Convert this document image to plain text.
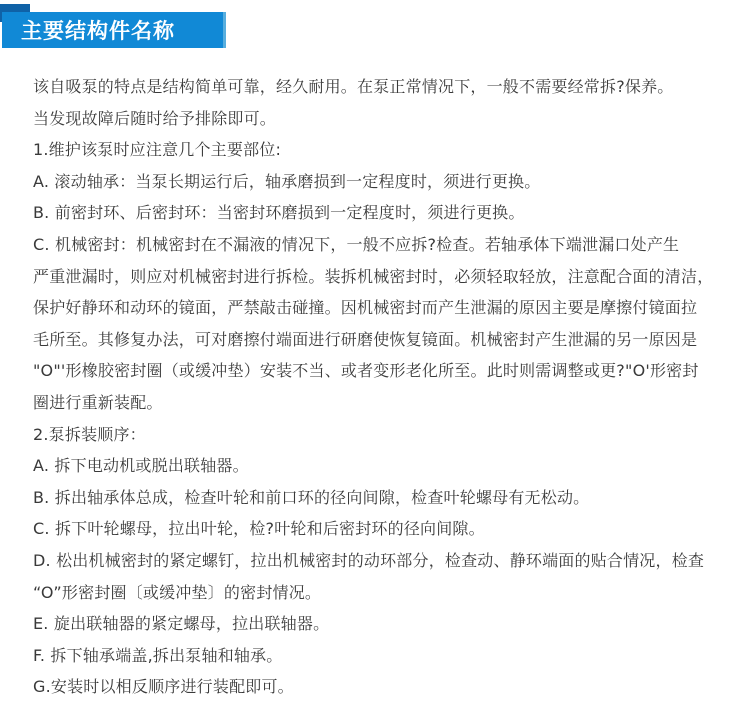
主要结构件名称
该自吸泵的特点是结构简单可靠，经久耐用。在泵正常情况下，一般不需要经常拆?保养。
当发现故障后随时给予排除即可。
1.维护该泵时应注意几个主要部位:
A. 滚动轴承：当泵长期运行后，轴承磨损到一定程度时，须进行更换。
B. 前密封环、后密封环：当密封环磨损到一定程度时，须进行更换。
C. 机械密封：机械密封在不漏液的情况下，一般不应拆?检查。若轴承体下端泄漏口处产生
严重泄漏时，则应对机械密封进行拆检。装拆机械密封时，必须轻取轻放，注意配合面的清洁，
保护好静环和动环的镜面，严禁敲击碰撞。因机械密封而产生泄漏的原因主要是摩擦付镜面拉
毛所至。其修复办法，可对磨擦付端面进行研磨使恢复镜面。机械密封产生泄漏的另一原因是
"O"'形橡胶密封圈（或缓冲垫）安装不当、或者变形老化所至。此时则需调整或更?"O'形密封
圈进行重新装配。
2.泵拆装顺序：
A. 拆下电动机或脱出联轴器。
B. 拆出轴承体总成，检查叶轮和前口环的径向间隙，检查叶轮螺母有无松动。
C. 拆下叶轮螺母，拉出叶轮，检?叶轮和后密封环的径向间隙。
D. 松出机械密封的紧定螺钉，拉出机械密封的动环部分，检查动、静环端面的贴合情况，检查
“O”形密封圈〔或缓冲垫〕的密封情况。
E. 旋出联轴器的紧定螺母，拉出联轴器。
F. 拆下轴承端盖,拆出泵轴和轴承。
G.安装时以相反顺序进行装配即可。
